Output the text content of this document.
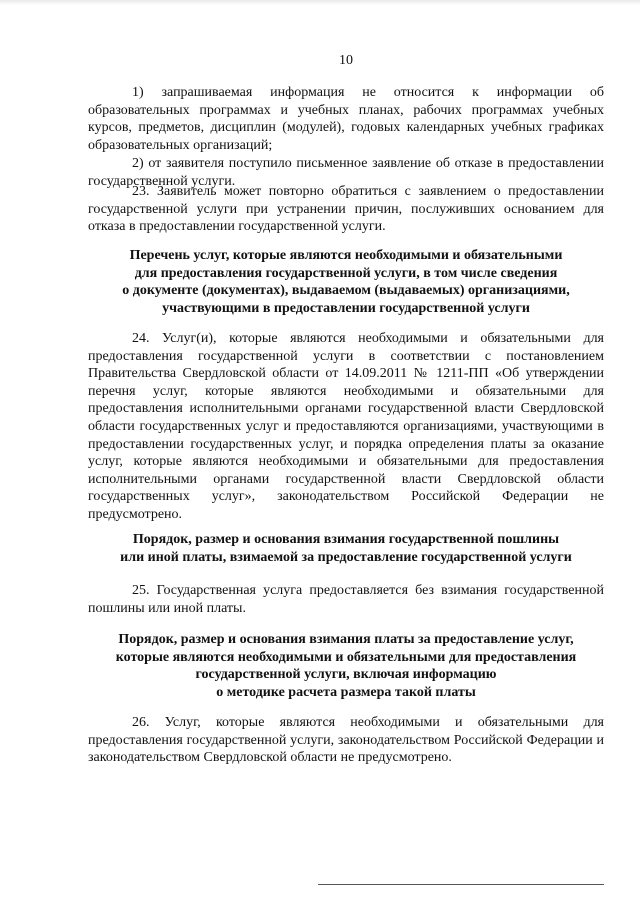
10
1) запрашиваемая информация не относится к информации об образовательных программах и учебных планах, рабочих программах учебных курсов, предметов, дисциплин (модулей), годовых календарных учебных графиках образовательных организаций;
2) от заявителя поступило письменное заявление об отказе в предоставлении государственной услуги.
23. Заявитель может повторно обратиться с заявлением о предоставлении государственной услуги при устранении причин, послуживших основанием для отказа в предоставлении государственной услуги.
Перечень услуг, которые являются необходимыми и обязательными
для предоставления государственной услуги, в том числе сведения
о документе (документах), выдаваемом (выдаваемых) организациями,
участвующими в предоставлении государственной услуги
24. Услуг(и), которые являются необходимыми и обязательными для предоставления государственной услуги в соответствии с постановлением Правительства Свердловской области от 14.09.2011 № 1211-ПП «Об утверждении перечня услуг, которые являются необходимыми и обязательными для предоставления исполнительными органами государственной власти Свердловской области государственных услуг и предоставляются организациями, участвующими в предоставлении государственных услуг, и порядка определения платы за оказание услуг, которые являются необходимыми и обязательными для предоставления исполнительными органами государственной власти Свердловской области государственных услуг», законодательством Российской Федерации не предусмотрено.
Порядок, размер и основания взимания государственной пошлины
или иной платы, взимаемой за предоставление государственной услуги
25. Государственная услуга предоставляется без взимания государственной пошлины или иной платы.
Порядок, размер и основания взимания платы за предоставление услуг,
которые являются необходимыми и обязательными для предоставления
государственной услуги, включая информацию
о методике расчета размера такой платы
26. Услуг, которые являются необходимыми и обязательными для предоставления государственной услуги, законодательством Российской Федерации и законодательством Свердловской области не предусмотрено.
